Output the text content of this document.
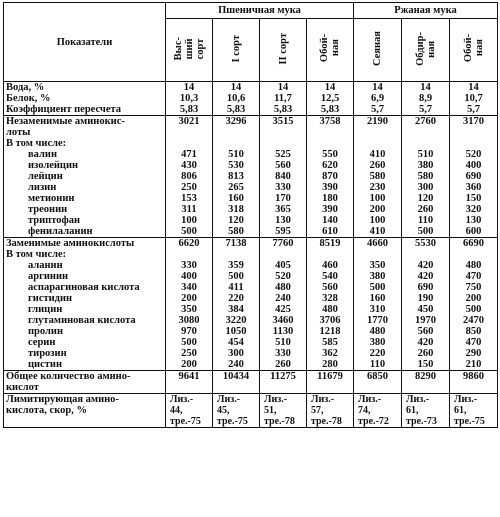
Показатели	Пшеничная мука				Ржаная мука		
	Выс-
ший
сорт	I сорт	II сорт	Обой-
ная	Сеяная	Обдир-
ная	Обой-
ная
Вода, %	14	14	14	14	14	14	14
Белок, %	10,3	10,6	11,7	12,5	6,9	8,9	10,7
Коэффициент пересчета	5,83	5,83	5,83	5,83	5,7	5,7	5,7
Незаменимые аминокис-
лоты	3021	3296	3515	3758	2190	2760	3170
В том числе:							
валин	471	510	525	550	410	510	520
изолейцин	430	530	560	620	260	380	400
лейцин	806	813	840	870	580	580	690
лизин	250	265	330	390	230	300	360
метионин	153	160	170	180	100	120	150
треонин	311	318	365	390	200	260	320
триптофан	100	120	130	140	100	110	130
фенилаланин	500	580	595	610	410	500	600
Заменимые аминокислоты	6620	7138	7760	8519	4660	5530	6690
В том числе:							
аланин	330	359	405	460	350	420	480
аргинин	400	500	520	540	380	420	470
аспарагиновая кислота	340	411	480	560	500	690	750
гистидин	200	220	240	328	160	190	200
глицин	350	384	425	480	310	450	500
глутаминовая кислота	3080	3220	3460	3706	1770	1970	2470
пролин	970	1050	1130	1218	480	560	850
серин	500	454	510	585	380	420	470
тирозин	250	300	330	362	220	260	290
цистин	200	240	260	280	110	150	210
Общее количество амино-
кислот	9641	10434	11275	11679	6850	8290	9860
Лимитирующая амино-
кислота, скор, %	Лиз.-
44,
тре.-75	Лиз.-
45,
тре.-75	Лиз.-
51,
тре.-78	Лиз.-
57,
тре.-78	Лиз.-
74,
тре.-72	Лиз.-
61,
тре.-73	Лиз.-
61,
тре.-75
